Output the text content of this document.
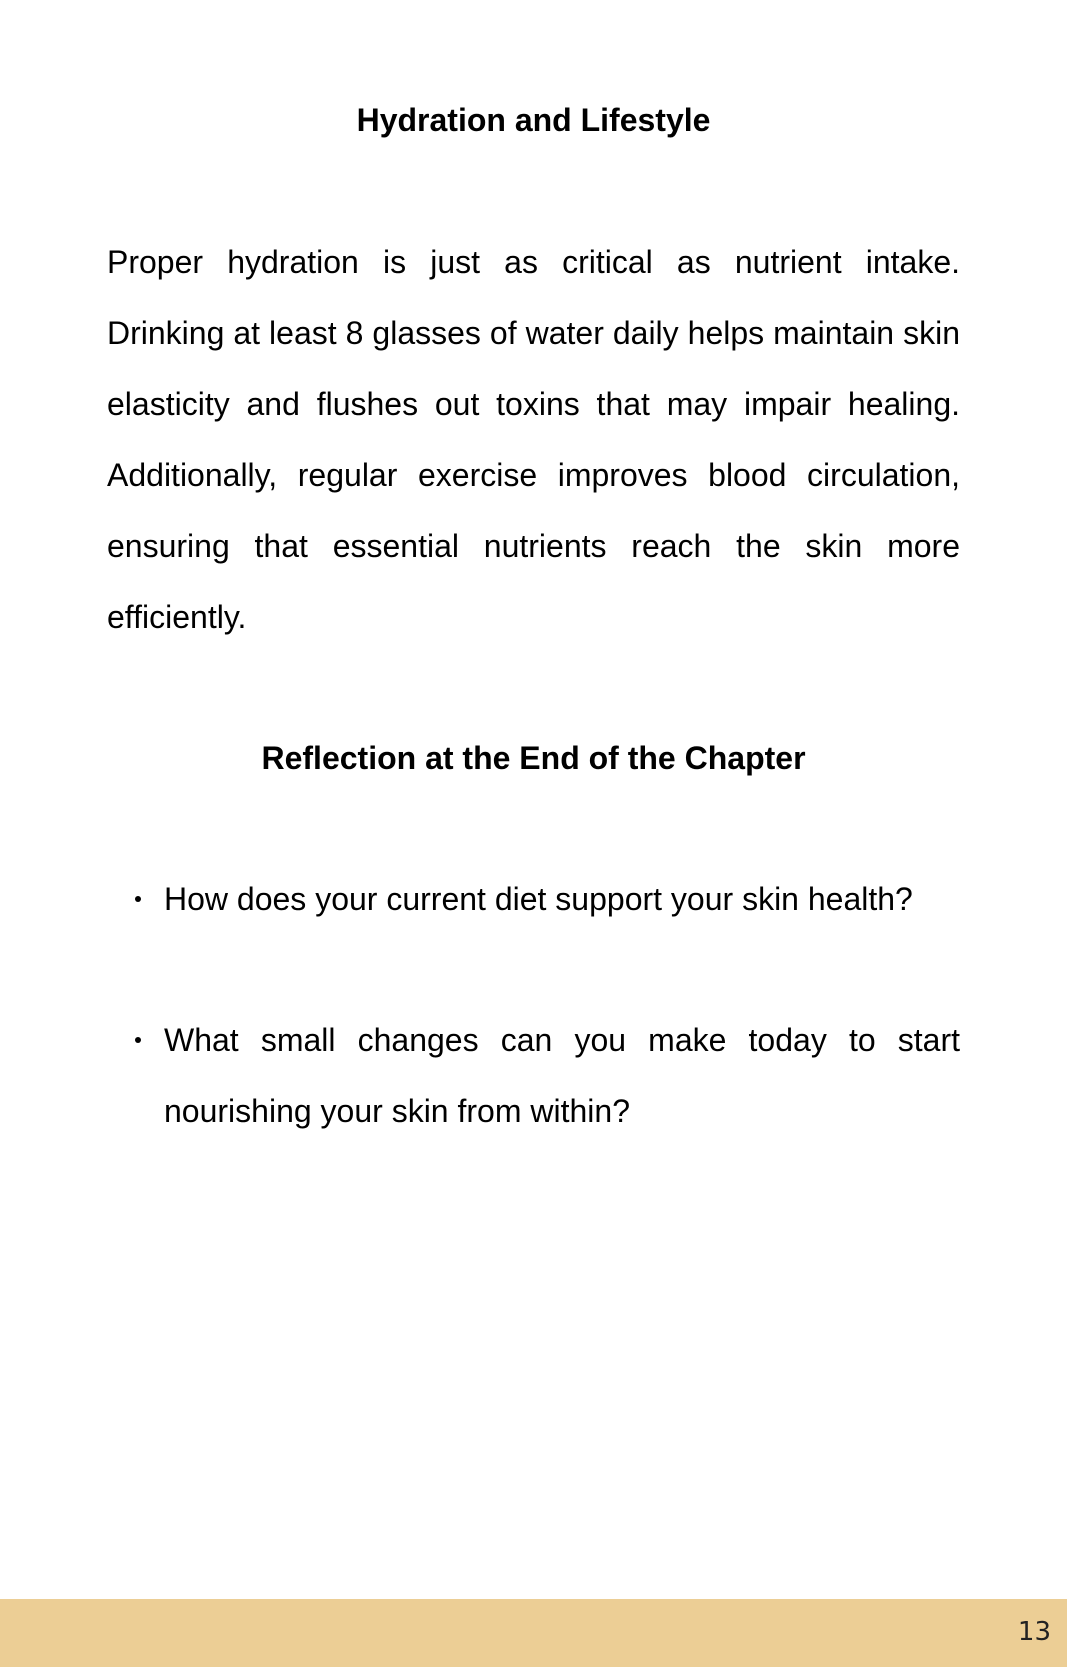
Hydration and Lifestyle

Proper hydration is just as critical as nutrient intake. Drinking at least 8 glasses of water daily helps maintain skin elasticity and flushes out toxins that may impair healing. Additionally, regular exercise improves blood circulation, ensuring that essential nutrients reach the skin more efficiently.

Reflection at the End of the Chapter
How does your current diet support your skin health?
What small changes can you make today to start nourishing your skin from within?
13
